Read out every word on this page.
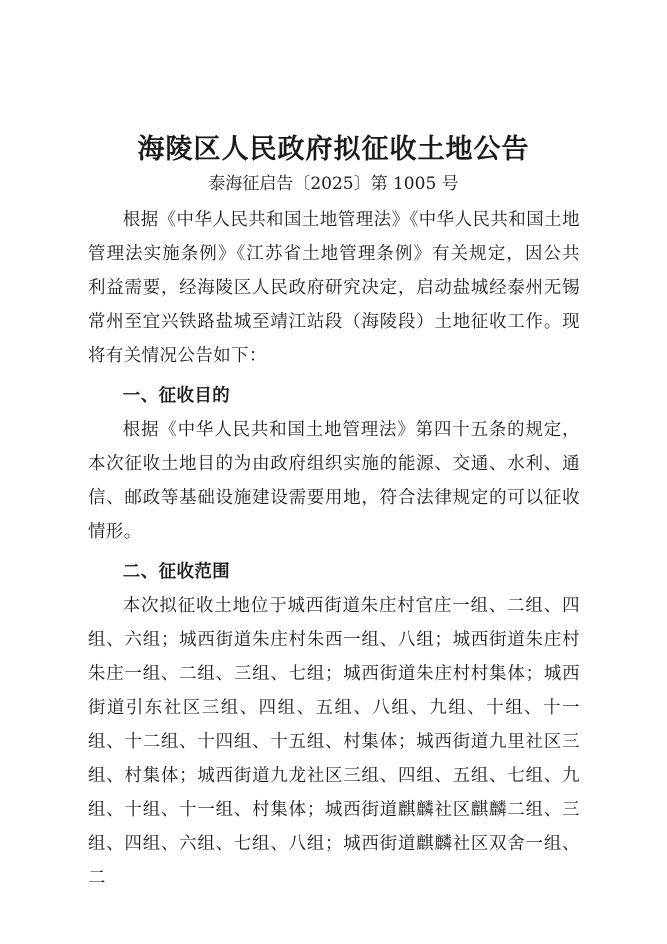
海陵区人民政府拟征收土地公告
泰海征启告〔2025〕第 1005 号

根据《中华人民共和国土地管理法》《中华人民共和国土地管理法实施条例》《江苏省土地管理条例》有关规定，因公共利益需要，经海陵区人民政府研究决定，启动盐城经泰州无锡常州至宜兴铁路盐城至靖江站段（海陵段）土地征收工作。现将有关情况公告如下：

一、征收目的

根据《中华人民共和国土地管理法》第四十五条的规定，本次征收土地目的为由政府组织实施的能源、交通、水利、通信、邮政等基础设施建设需要用地，符合法律规定的可以征收情形。

二、征收范围

本次拟征收土地位于城西街道朱庄村官庄一组、二组、四组、六组；城西街道朱庄村朱西一组、八组；城西街道朱庄村朱庄一组、二组、三组、七组；城西街道朱庄村村集体；城西街道引东社区三组、四组、五组、八组、九组、十组、十一组、十二组、十四组、十五组、村集体；城西街道九里社区三组、村集体；城西街道九龙社区三组、四组、五组、七组、九组、十组、十一组、村集体；城西街道麒麟社区麒麟二组、三组、四组、六组、七组、八组；城西街道麒麟社区双舍一组、二
